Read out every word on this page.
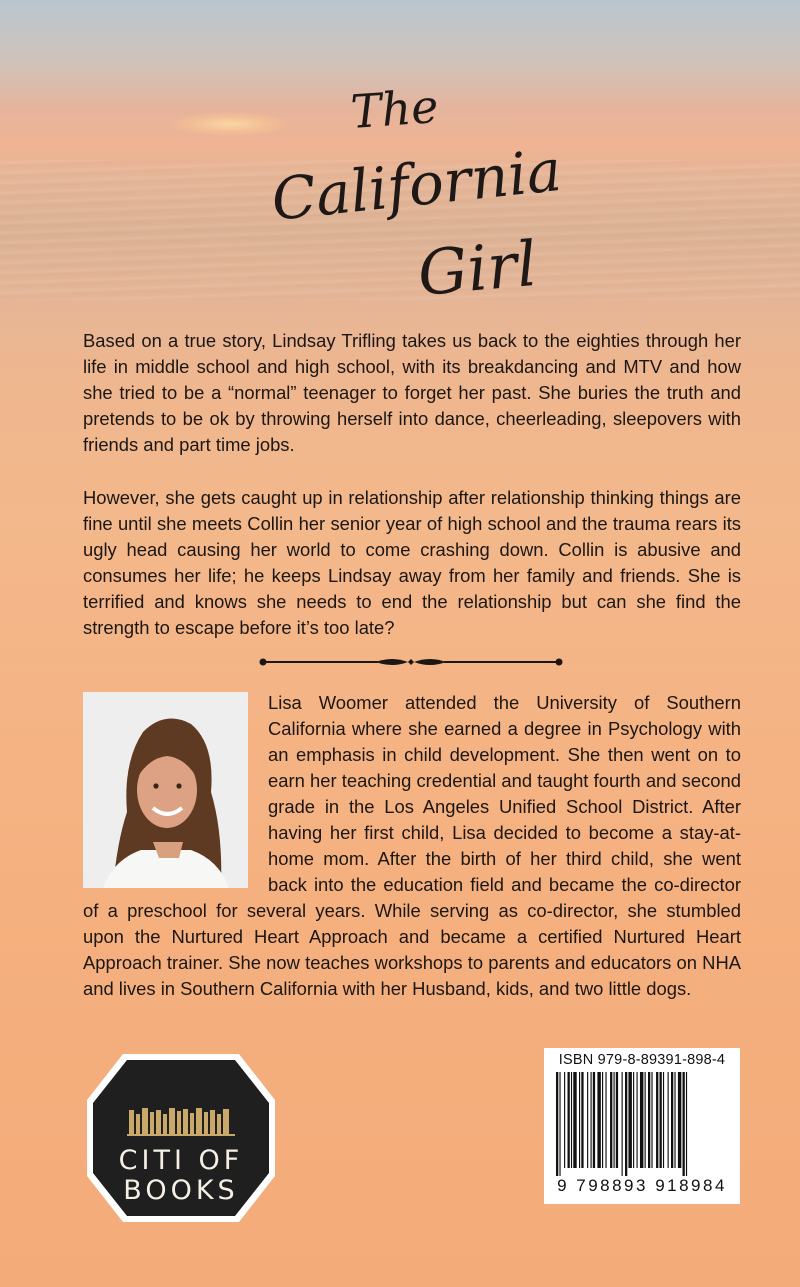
The
California
Girl

Based on a true story, Lindsay Trifling takes us back to the eighties through her life in middle school and high school, with its breakdancing and MTV and how she tried to be a “normal” teenager to forget her past. She buries the truth and pretends to be ok by throwing herself into dance, cheerleading, sleepovers with friends and part time jobs.

However, she gets caught up in relationship after relationship thinking things are fine until she meets Collin her senior year of high school and the trauma rears its ugly head causing her world to come crashing down. Collin is abusive and consumes her life; he keeps Lindsay away from her family and friends. She is terrified and knows she needs to end the relationship but can she find the strength to escape before it’s too late?

Lisa Woomer attended the University of Southern California where she earned a degree in Psychology with an emphasis in child development. She then went on to earn her teaching credential and taught fourth and second grade in the Los Angeles Unified School District. After having her first child, Lisa decided to become a stay-at-home mom. After the birth of her third child, she went back into the education field and became the co-director of a preschool for several years. While serving as co-director, she stumbled upon the Nurtured Heart Approach and became a certified Nurtured Heart Approach trainer. She now teaches workshops to parents and educators on NHA and lives in Southern California with her Husband, kids, and two little dogs.

CITI OF
BOOKS
ISBN 979-8-89391-898-4
9 798893 918984
